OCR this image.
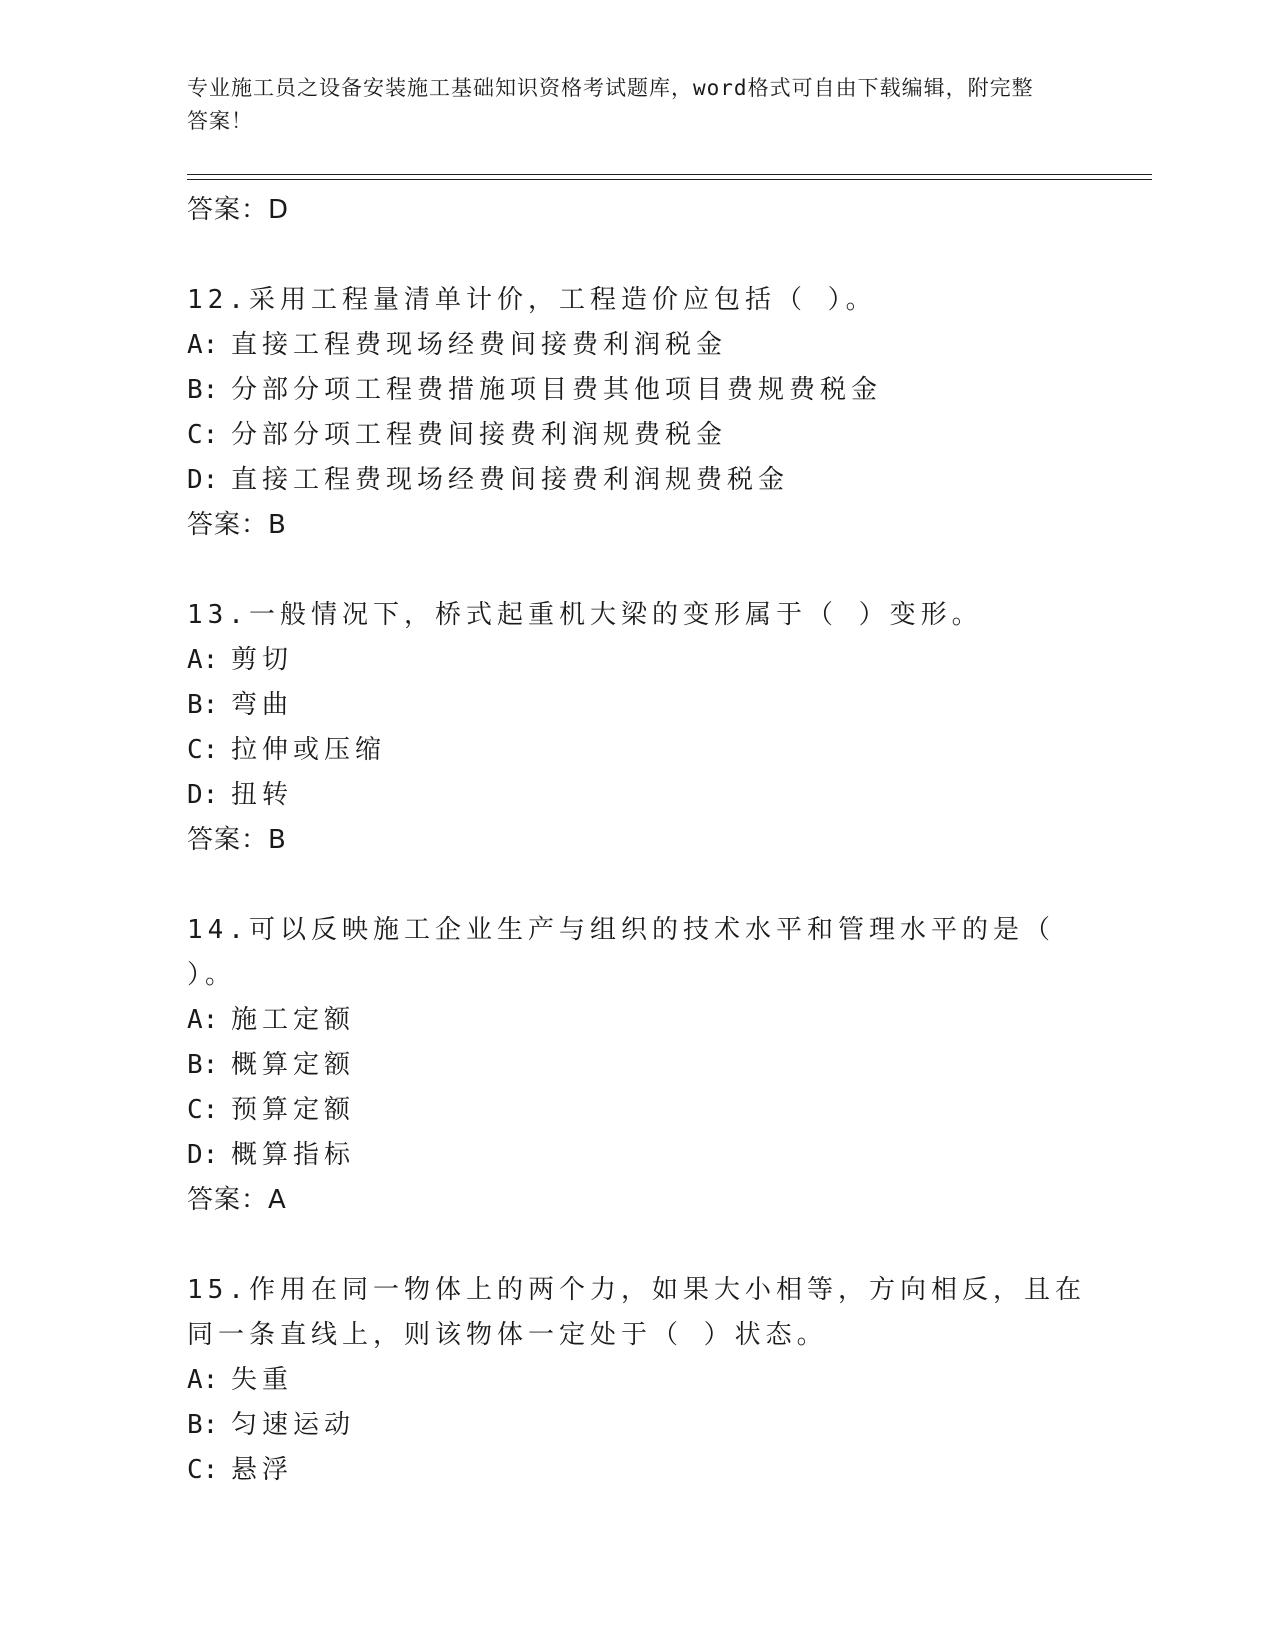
专业施工员之设备安装施工基础知识资格考试题库，word格式可自由下载编辑，附完整答案！

答案：D

12.采用工程量清单计价，工程造价应包括（ ）。

A: 直接工程费现场经费间接费利润税金

B: 分部分项工程费措施项目费其他项目费规费税金

C: 分部分项工程费间接费利润规费税金

D: 直接工程费现场经费间接费利润规费税金

答案：B

13.一般情况下，桥式起重机大梁的变形属于（ ）变形。

A: 剪切

B: 弯曲

C: 拉伸或压缩

D: 扭转

答案：B

14.可以反映施工企业生产与组织的技术水平和管理水平的是（ ）。

A: 施工定额

B: 概算定额

C: 预算定额

D: 概算指标

答案：A

15.作用在同一物体上的两个力，如果大小相等，方向相反，且在同一条直线上，则该物体一定处于（ ）状态。

A: 失重

B: 匀速运动

C: 悬浮
